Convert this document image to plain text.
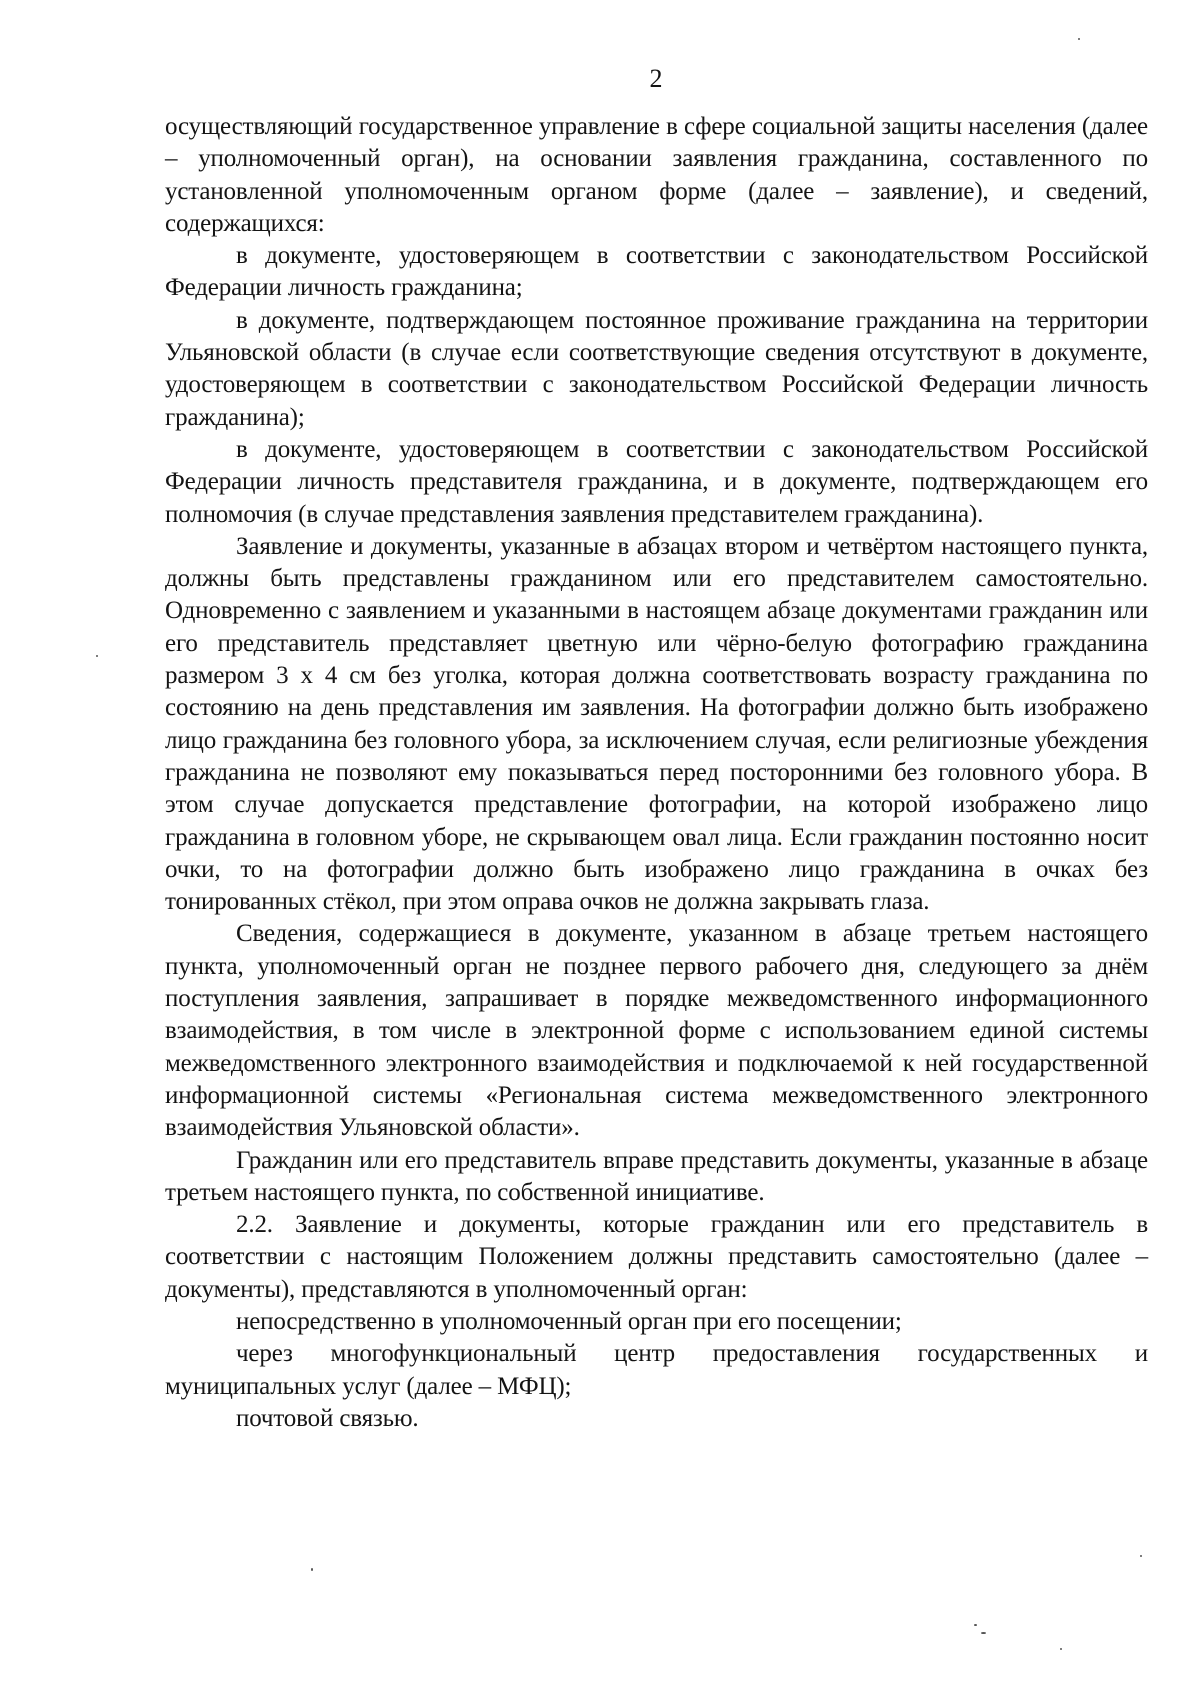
2

осуществляющий государственное управление в сфере социальной защиты населения (далее – уполномоченный орган), на основании заявления гражданина, составленного по установленной уполномоченным органом форме (далее – заявление), и сведений, содержащихся:

в документе, удостоверяющем в соответствии с законодательством Российской Федерации личность гражданина;

в документе, подтверждающем постоянное проживание гражданина на территории Ульяновской области (в случае если соответствующие сведения отсутствуют в документе, удостоверяющем в соответствии с законодательством Российской Федерации личность гражданина);

в документе, удостоверяющем в соответствии с законодательством Российской Федерации личность представителя гражданина, и в документе, подтверждающем его полномочия (в случае представления заявления представителем гражданина).

Заявление и документы, указанные в абзацах втором и четвёртом настоящего пункта, должны быть представлены гражданином или его представителем самостоятельно. Одновременно с заявлением и указанными в настоящем абзаце документами гражданин или его представитель представляет цветную или чёрно-белую фотографию гражданина размером 3 х 4 см без уголка, которая должна соответствовать возрасту гражданина по состоянию на день представления им заявления. На фотографии должно быть изображено лицо гражданина без головного убора, за исключением случая, если религиозные убеждения гражданина не позволяют ему показываться перед посторонними без головного убора. В этом случае допускается представление фотографии, на которой изображено лицо гражданина в головном уборе, не скрывающем овал лица. Если гражданин постоянно носит очки, то на фотографии должно быть изображено лицо гражданина в очках без тонированных стёкол, при этом оправа очков не должна закрывать глаза.

Сведения, содержащиеся в документе, указанном в абзаце третьем настоящего пункта, уполномоченный орган не позднее первого рабочего дня, следующего за днём поступления заявления, запрашивает в порядке межведомственного информационного взаимодействия, в том числе в электронной форме с использованием единой системы межведомственного электронного взаимодействия и подключаемой к ней государственной информационной системы «Региональная система межведомственного электронного взаимодействия Ульяновской области».

Гражданин или его представитель вправе представить документы, указанные в абзаце третьем настоящего пункта, по собственной инициативе.

2.2. Заявление и документы, которые гражданин или его представитель в соответствии с настоящим Положением должны представить самостоятельно (далее – документы), представляются в уполномоченный орган:

непосредственно в уполномоченный орган при его посещении;

через многофункциональный центр предоставления государственных и муниципальных услуг (далее – МФЦ);

почтовой связью.
